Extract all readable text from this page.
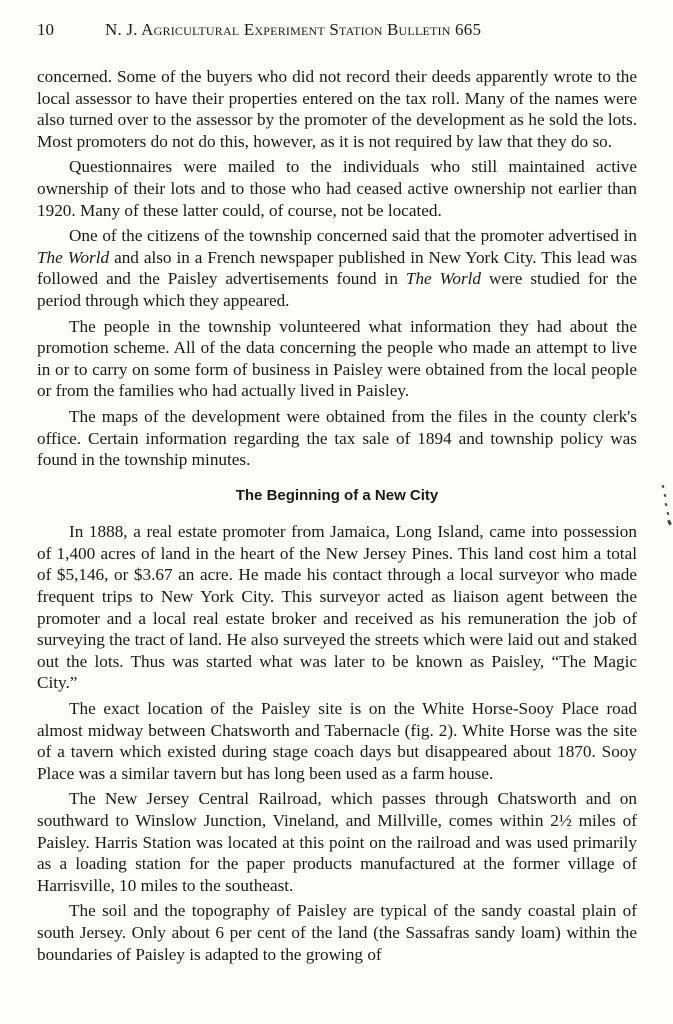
10	N. J. Agricultural Experiment Station Bulletin 665

concerned. Some of the buyers who did not record their deeds apparently wrote to the local assessor to have their properties entered on the tax roll. Many of the names were also turned over to the assessor by the promoter of the development as he sold the lots. Most promoters do not do this, however, as it is not required by law that they do so.

Questionnaires were mailed to the individuals who still maintained active ownership of their lots and to those who had ceased active ownership not earlier than 1920. Many of these latter could, of course, not be located.

One of the citizens of the township concerned said that the promoter advertised in The World and also in a French newspaper published in New York City. This lead was followed and the Paisley advertisements found in The World were studied for the period through which they appeared.

The people in the township volunteered what information they had about the promotion scheme. All of the data concerning the people who made an attempt to live in or to carry on some form of business in Paisley were obtained from the local people or from the families who had actually lived in Paisley.

The maps of the development were obtained from the files in the county clerk's office. Certain information regarding the tax sale of 1894 and township policy was found in the township minutes.

The Beginning of a New City

In 1888, a real estate promoter from Jamaica, Long Island, came into possession of 1,400 acres of land in the heart of the New Jersey Pines. This land cost him a total of $5,146, or $3.67 an acre. He made his contact through a local surveyor who made frequent trips to New York City. This surveyor acted as liaison agent between the promoter and a local real estate broker and received as his remuneration the job of surveying the tract of land. He also surveyed the streets which were laid out and staked out the lots. Thus was started what was later to be known as Paisley, “The Magic City.”

The exact location of the Paisley site is on the White Horse-Sooy Place road almost midway between Chatsworth and Tabernacle (fig. 2). White Horse was the site of a tavern which existed during stage coach days but disappeared about 1870. Sooy Place was a similar tavern but has long been used as a farm house.

The New Jersey Central Railroad, which passes through Chatsworth and on southward to Winslow Junction, Vineland, and Millville, comes within 2½ miles of Paisley. Harris Station was located at this point on the railroad and was used primarily as a loading station for the paper products manufactured at the former village of Harrisville, 10 miles to the southeast.

The soil and the topography of Paisley are typical of the sandy coastal plain of south Jersey. Only about 6 per cent of the land (the Sassafras sandy loam) within the boundaries of Paisley is adapted to the growing of
